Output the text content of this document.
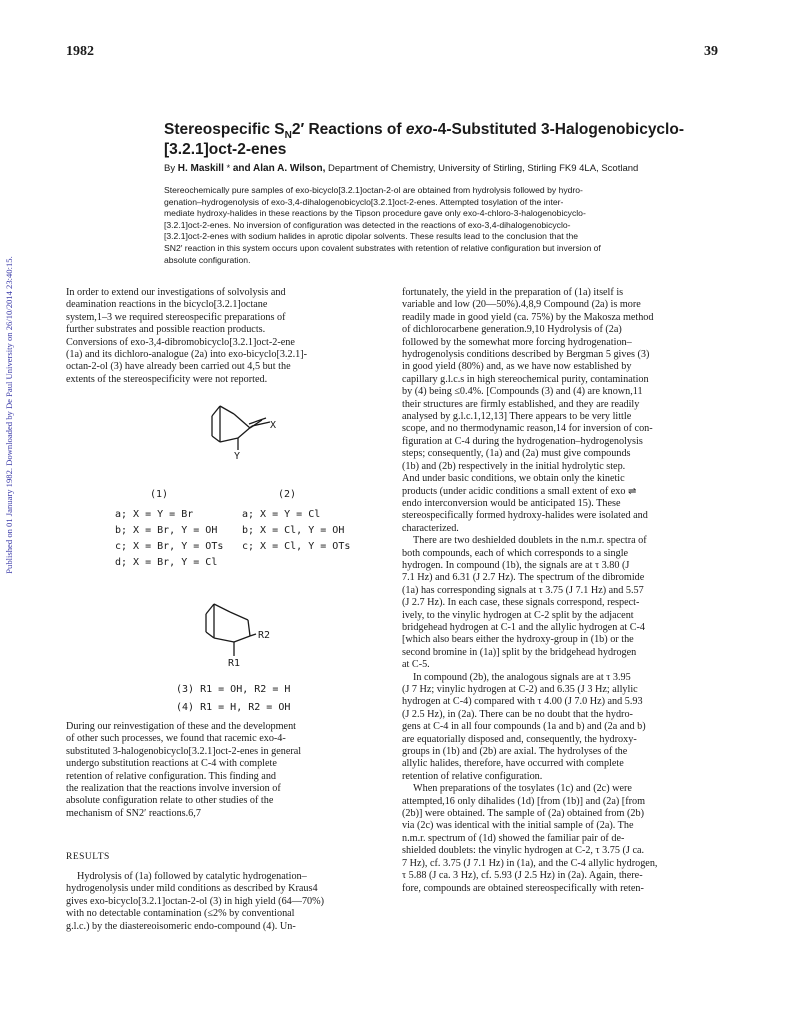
1982	39
Published on 01 January 1982. Downloaded by De Paul University on 26/10/2014 23:40:15.
Stereospecific $S_N2'$ Reactions of exo-4-Substituted 3-Halogenobicyclo-
[3.2.1]oct-2-enes
By H. Maskill * and Alan A. Wilson, Department of Chemistry, University of Stirling, Stirling FK9 4LA, Scotland

Stereochemically pure samples of exo-bicyclo[3.2.1]octan-2-ol are obtained from hydrolysis followed by hydro-

genation–hydrogenolysis of exo-3,4-dihalogenobicyclo[3.2.1]oct-2-enes. Attempted tosylation of the inter-

mediate hydroxy-halides in these reactions by the Tipson procedure gave only exo-4-chloro-3-halogenobicyclo-

[3.2.1]oct-2-enes. No inversion of configuration was detected in the reactions of exo-3,4-dihalogenobicyclo-

[3.2.1]oct-2-enes with sodium halides in aprotic dipolar solvents. These results lead to the conclusion that the

SN2′ reaction in this system occurs upon covalent substrates with retention of relative configuration but inversion of

absolute configuration.

In order to extend our investigations of solvolysis and

deamination reactions in the bicyclo[3.2.1]octane

system,1–3 we required stereospecific preparations of

further substrates and possible reaction products.

Conversions of exo-3,4-dibromobicyclo[3.2.1]oct-2-ene

(1a) and its dichloro-analogue (2a) into exo-bicyclo[3.2.1]-

octan-2-ol (3) have already been carried out 4,5 but the

extents of the stereospecificity were not reported.

X
Y
(1)	(2)
a; X = Y = Br
b; X = Br, Y = OH
c; X = Br, Y = OTs
d; X = Br, Y = Cl
a; X = Y = Cl
b; X = Cl, Y = OH
c; X = Cl, Y = OTs
R2
R1
(3) R1 = OH, R2 = H
(4) R1 = H, R2 = OH

During our reinvestigation of these and the development

of other such processes, we found that racemic exo-4-

substituted 3-halogenobicyclo[3.2.1]oct-2-enes in general

undergo substitution reactions at C-4 with complete

retention of relative configuration. This finding and

the realization that the reactions involve inversion of

absolute configuration relate to other studies of the

mechanism of SN2′ reactions.6,7

RESULTS

Hydrolysis of (1a) followed by catalytic hydrogenation–

hydrogenolysis under mild conditions as described by Kraus4

gives exo-bicyclo[3.2.1]octan-2-ol (3) in high yield (64—70%)

with no detectable contamination (≤2% by conventional

g.l.c.) by the diastereoisomeric endo-compound (4). Un-

fortunately, the yield in the preparation of (1a) itself is

variable and low (20—50%).4,8,9 Compound (2a) is more

readily made in good yield (ca. 75%) by the Makosza method

of dichlorocarbene generation.9,10 Hydrolysis of (2a)

followed by the somewhat more forcing hydrogenation–

hydrogenolysis conditions described by Bergman 5 gives (3)

in good yield (80%) and, as we have now established by

capillary g.l.c.s in high stereochemical purity, contamination

by (4) being ≤0.4%. [Compounds (3) and (4) are known,11

their structures are firmly established, and they are readily

analysed by g.l.c.1,12,13] There appears to be very little

scope, and no thermodynamic reason,14 for inversion of con-

figuration at C-4 during the hydrogenation–hydrogenolysis

steps; consequently, (1a) and (2a) must give compounds

(1b) and (2b) respectively in the initial hydrolytic step.

And under basic conditions, we obtain only the kinetic

products (under acidic conditions a small extent of exo ⇌

endo interconversion would be anticipated 15). These

stereospecifically formed hydroxy-halides were isolated and

characterized.

There are two deshielded doublets in the n.m.r. spectra of

both compounds, each of which corresponds to a single

hydrogen. In compound (1b), the signals are at τ 3.80 (J

7.1 Hz) and 6.31 (J 2.7 Hz). The spectrum of the dibromide

(1a) has corresponding signals at τ 3.75 (J 7.1 Hz) and 5.57

(J 2.7 Hz). In each case, these signals correspond, respect-

ively, to the vinylic hydrogen at C-2 split by the adjacent

bridgehead hydrogen at C-1 and the allylic hydrogen at C-4

[which also bears either the hydroxy-group in (1b) or the

second bromine in (1a)] split by the bridgehead hydrogen

at C-5.

In compound (2b), the analogous signals are at τ 3.95

(J 7 Hz; vinylic hydrogen at C-2) and 6.35 (J 3 Hz; allylic

hydrogen at C-4) compared with τ 4.00 (J 7.0 Hz) and 5.93

(J 2.5 Hz), in (2a). There can be no doubt that the hydro-

gens at C-4 in all four compounds (1a and b) and (2a and b)

are equatorially disposed and, consequently, the hydroxy-

groups in (1b) and (2b) are axial. The hydrolyses of the

allylic halides, therefore, have occurred with complete

retention of relative configuration.

When preparations of the tosylates (1c) and (2c) were

attempted,16 only dihalides (1d) [from (1b)] and (2a) [from

(2b)] were obtained. The sample of (2a) obtained from (2b)

via (2c) was identical with the initial sample of (2a). The

n.m.r. spectrum of (1d) showed the familiar pair of de-

shielded doublets: the vinylic hydrogen at C-2, τ 3.75 (J ca.

7 Hz), cf. 3.75 (J 7.1 Hz) in (1a), and the C-4 allylic hydrogen,

τ 5.88 (J ca. 3 Hz), cf. 5.93 (J 2.5 Hz) in (2a). Again, there-

fore, compounds are obtained stereospecifically with reten-
